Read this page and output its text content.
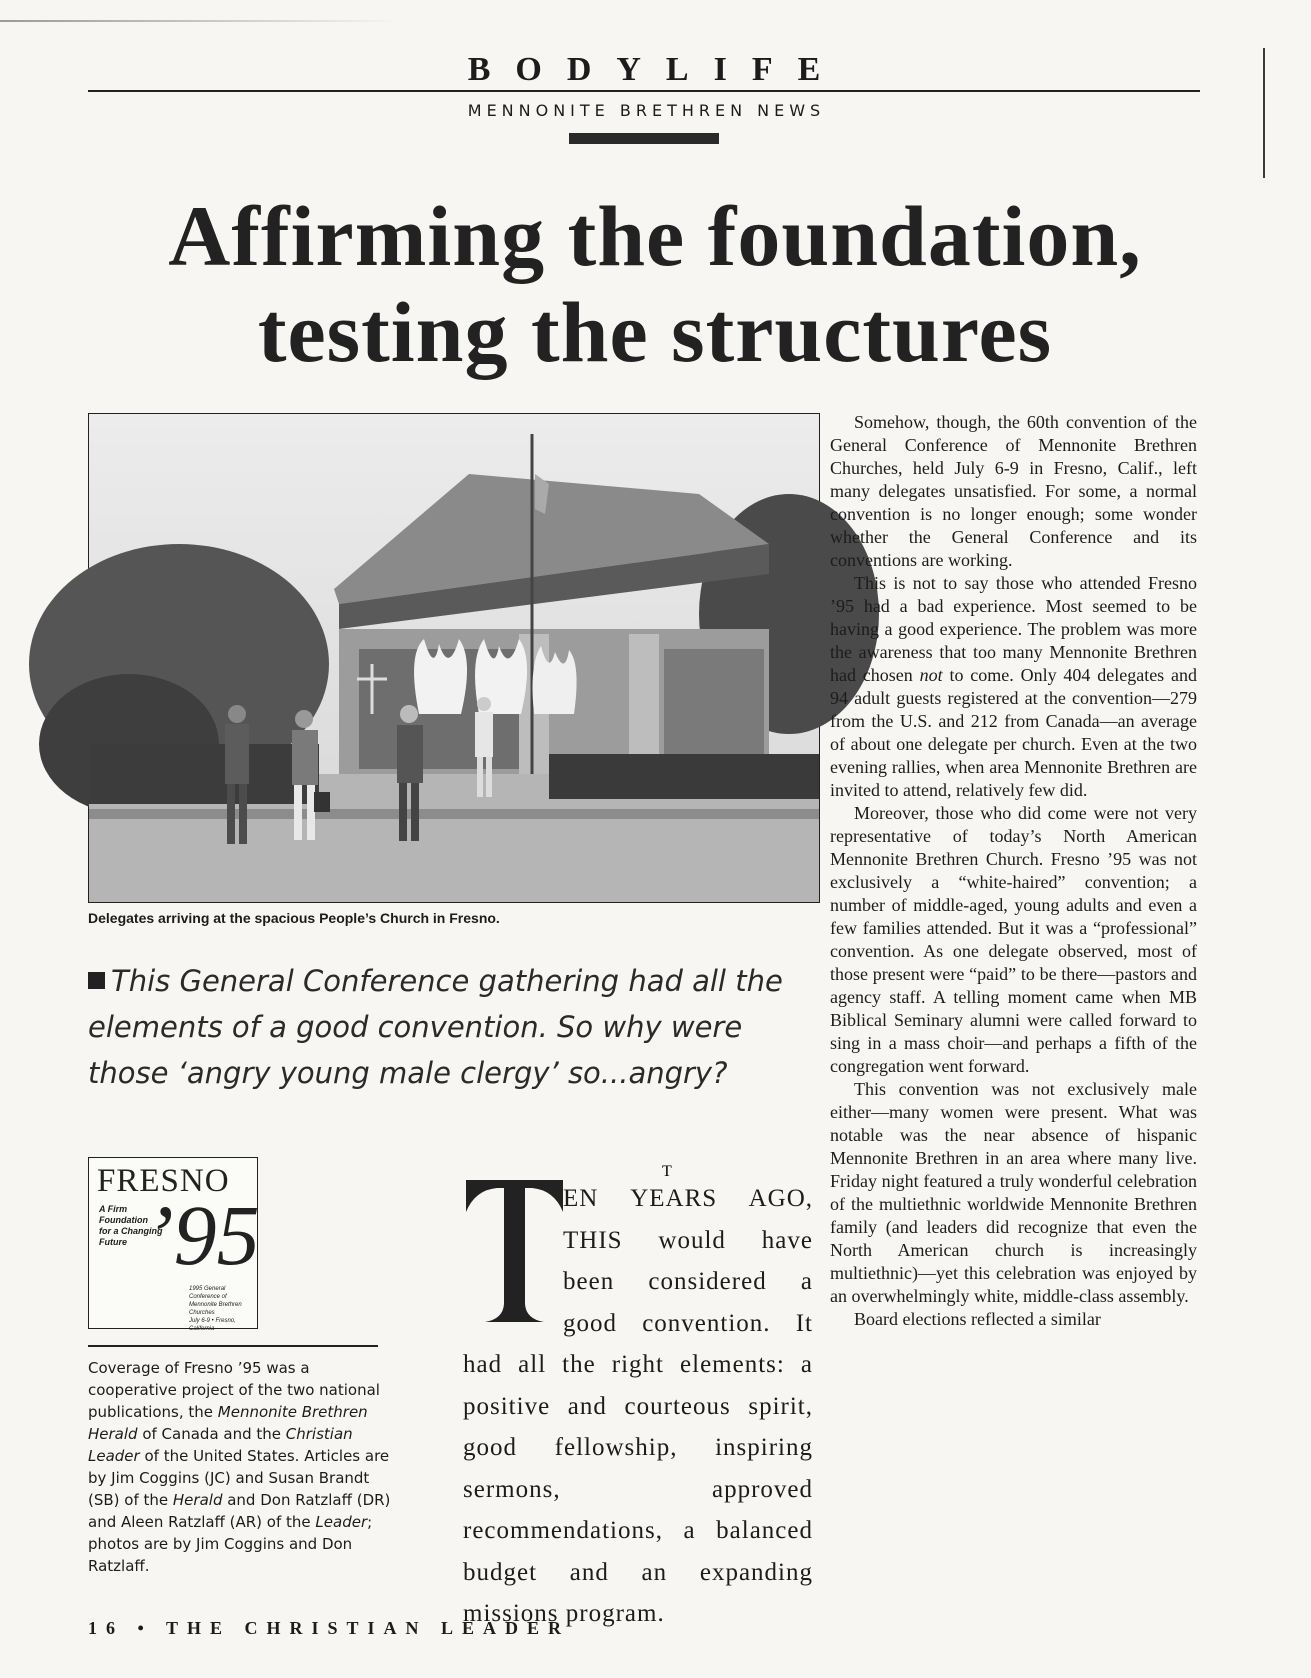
BODYLIFE
MENNONITE BRETHREN NEWS
Affirming the foundation,
testing the structures
Delegates arriving at the spacious People’s Church in Fresno.
This General Conference gathering had all the elements of a good convention. So why were those ‘angry young male clergy’ so...angry?
FRESNO
A Firm
Foundation
for a Changing
Future ’95
1995 General Conference of
Mennonite Brethren Churches
July 6-9 • Fresno, California
Coverage of Fresno ’95 was a cooperative project of the two national publications, the Mennonite Brethren Herald of Canada and the Christian Leader of the United States. Articles are by Jim Coggins (JC) and Susan Brandt (SB) of the Herald and Don Ratzlaff (DR) and Aleen Ratzlaff (AR) of the Leader; photos are by Jim Coggins and Don Ratzlaff.
T
EN YEARS AGO, THIS would have been considered a good convention. It had all the right elements: a positive and courteous spirit, good fellowship, inspiring sermons, approved recommendations, a balanced budget and an expanding missions program.

Somehow, though, the 60th convention of the General Conference of Mennonite Brethren Churches, held July 6-9 in Fresno, Calif., left many delegates unsatisfied. For some, a normal convention is no longer enough; some wonder whether the General Conference and its conventions are working.

This is not to say those who attended Fresno ’95 had a bad experience. Most seemed to be having a good experience. The problem was more the awareness that too many Mennonite Brethren had chosen not to come. Only 404 delegates and 94 adult guests registered at the convention—279 from the U.S. and 212 from Canada—an average of about one delegate per church. Even at the two evening rallies, when area Mennonite Brethren are invited to attend, relatively few did.

Moreover, those who did come were not very representative of today’s North American Mennonite Brethren Church. Fresno ’95 was not exclusively a “white-haired” convention; a number of middle-aged, young adults and even a few families attended. But it was a “professional” convention. As one delegate observed, most of those present were “paid” to be there—pastors and agency staff. A telling moment came when MB Biblical Seminary alumni were called forward to sing in a mass choir—and perhaps a fifth of the congregation went forward.

This convention was not exclusively male either—many women were present. What was notable was the near absence of hispanic Mennonite Brethren in an area where many live. Friday night featured a truly wonderful celebration of the multiethnic worldwide Mennonite Brethren family (and leaders did recognize that even the North American church is increasingly multiethnic)—yet this celebration was enjoyed by an overwhelmingly white, middle-class assembly.

Board elections reflected a similar

16 • THE CHRISTIAN LEADER
